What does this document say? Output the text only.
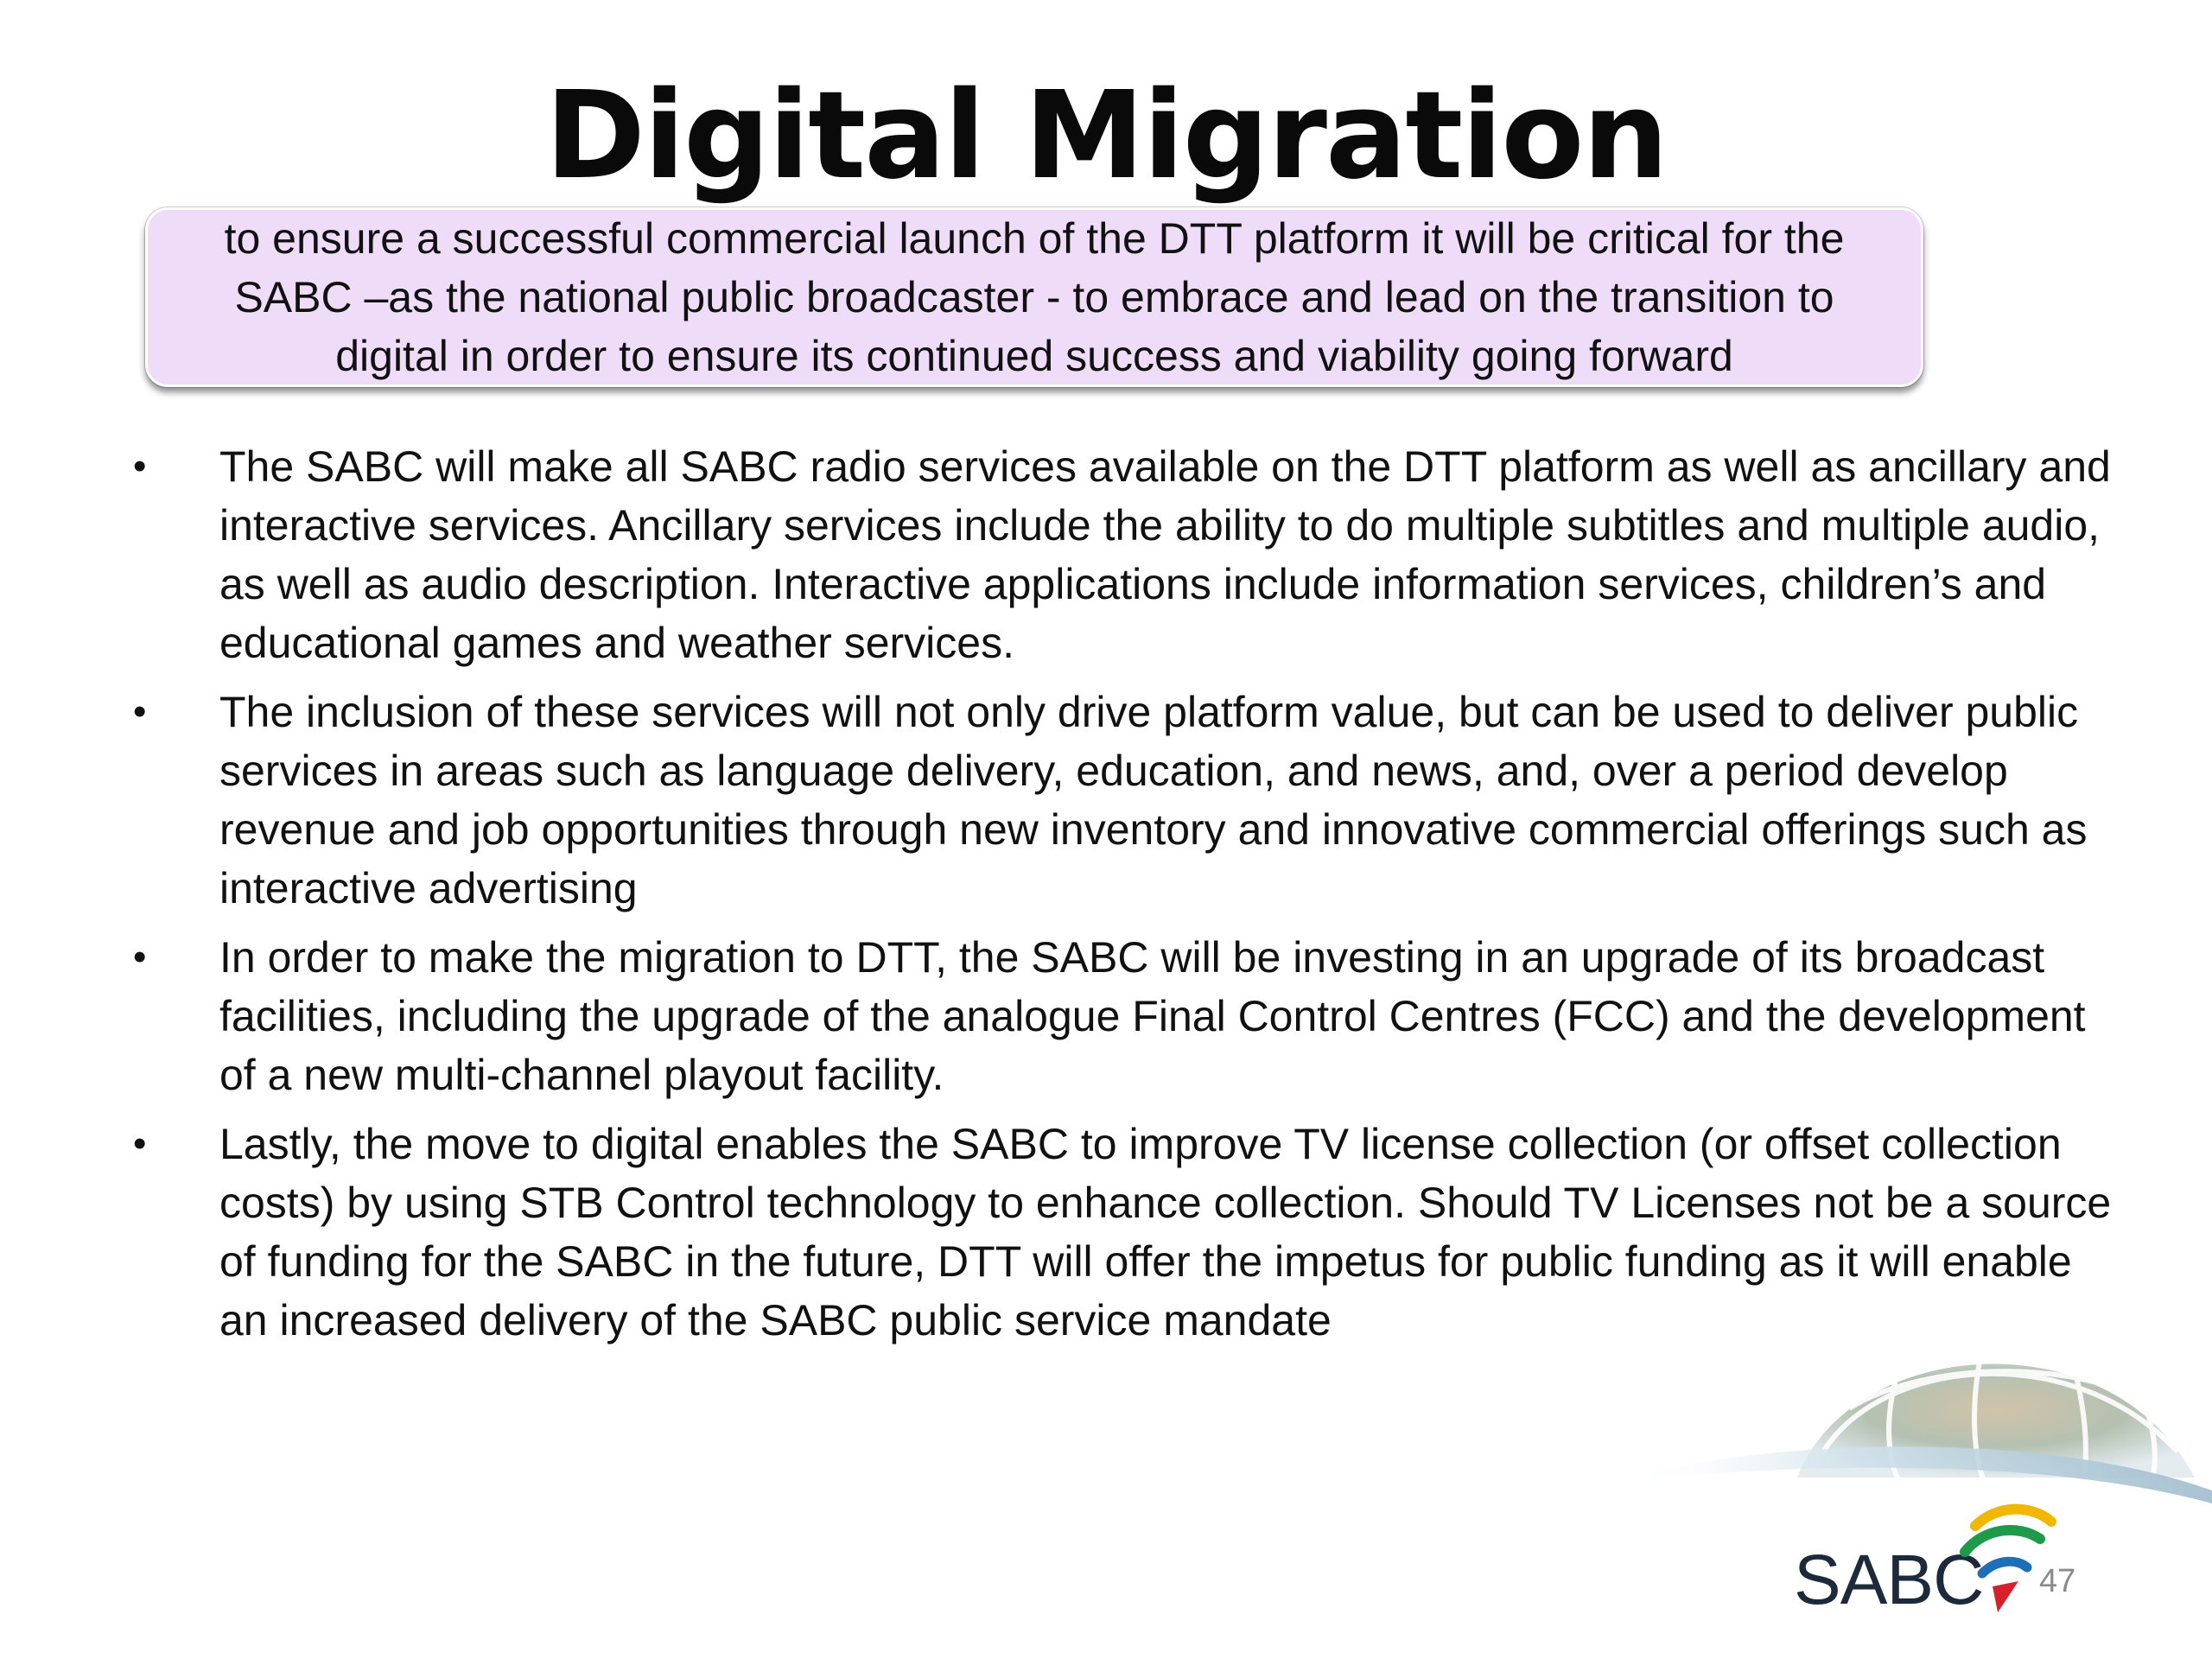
Digital Migration
to ensure a successful commercial launch of the DTT platform it will be critical for the SABC –as the national public broadcaster - to embrace and lead on the transition to digital in order to ensure its continued success and viability going forward
• The SABC will make all SABC radio services available on the DTT platform as well as ancillary and interactive services. Ancillary services include the ability to do multiple subtitles and multiple audio, as well as audio description. Interactive applications include information services, children’s and educational games and weather services.
• The inclusion of these services will not only drive platform value, but can be used to deliver public services in areas such as language delivery, education, and news, and, over a period develop revenue and job opportunities through new inventory and innovative commercial offerings such as interactive advertising
• In order to make the migration to DTT, the SABC will be investing in an upgrade of its broadcast facilities, including the upgrade of the analogue Final Control Centres (FCC) and the development of a new multi-channel playout facility.
• Lastly, the move to digital enables the SABC to improve TV license collection (or offset collection costs) by using STB Control technology to enhance collection. Should TV Licenses not be a source of funding for the SABC in the future, DTT will offer the impetus for public funding as it will enable an increased delivery of the SABC public service mandate
SABC 47
